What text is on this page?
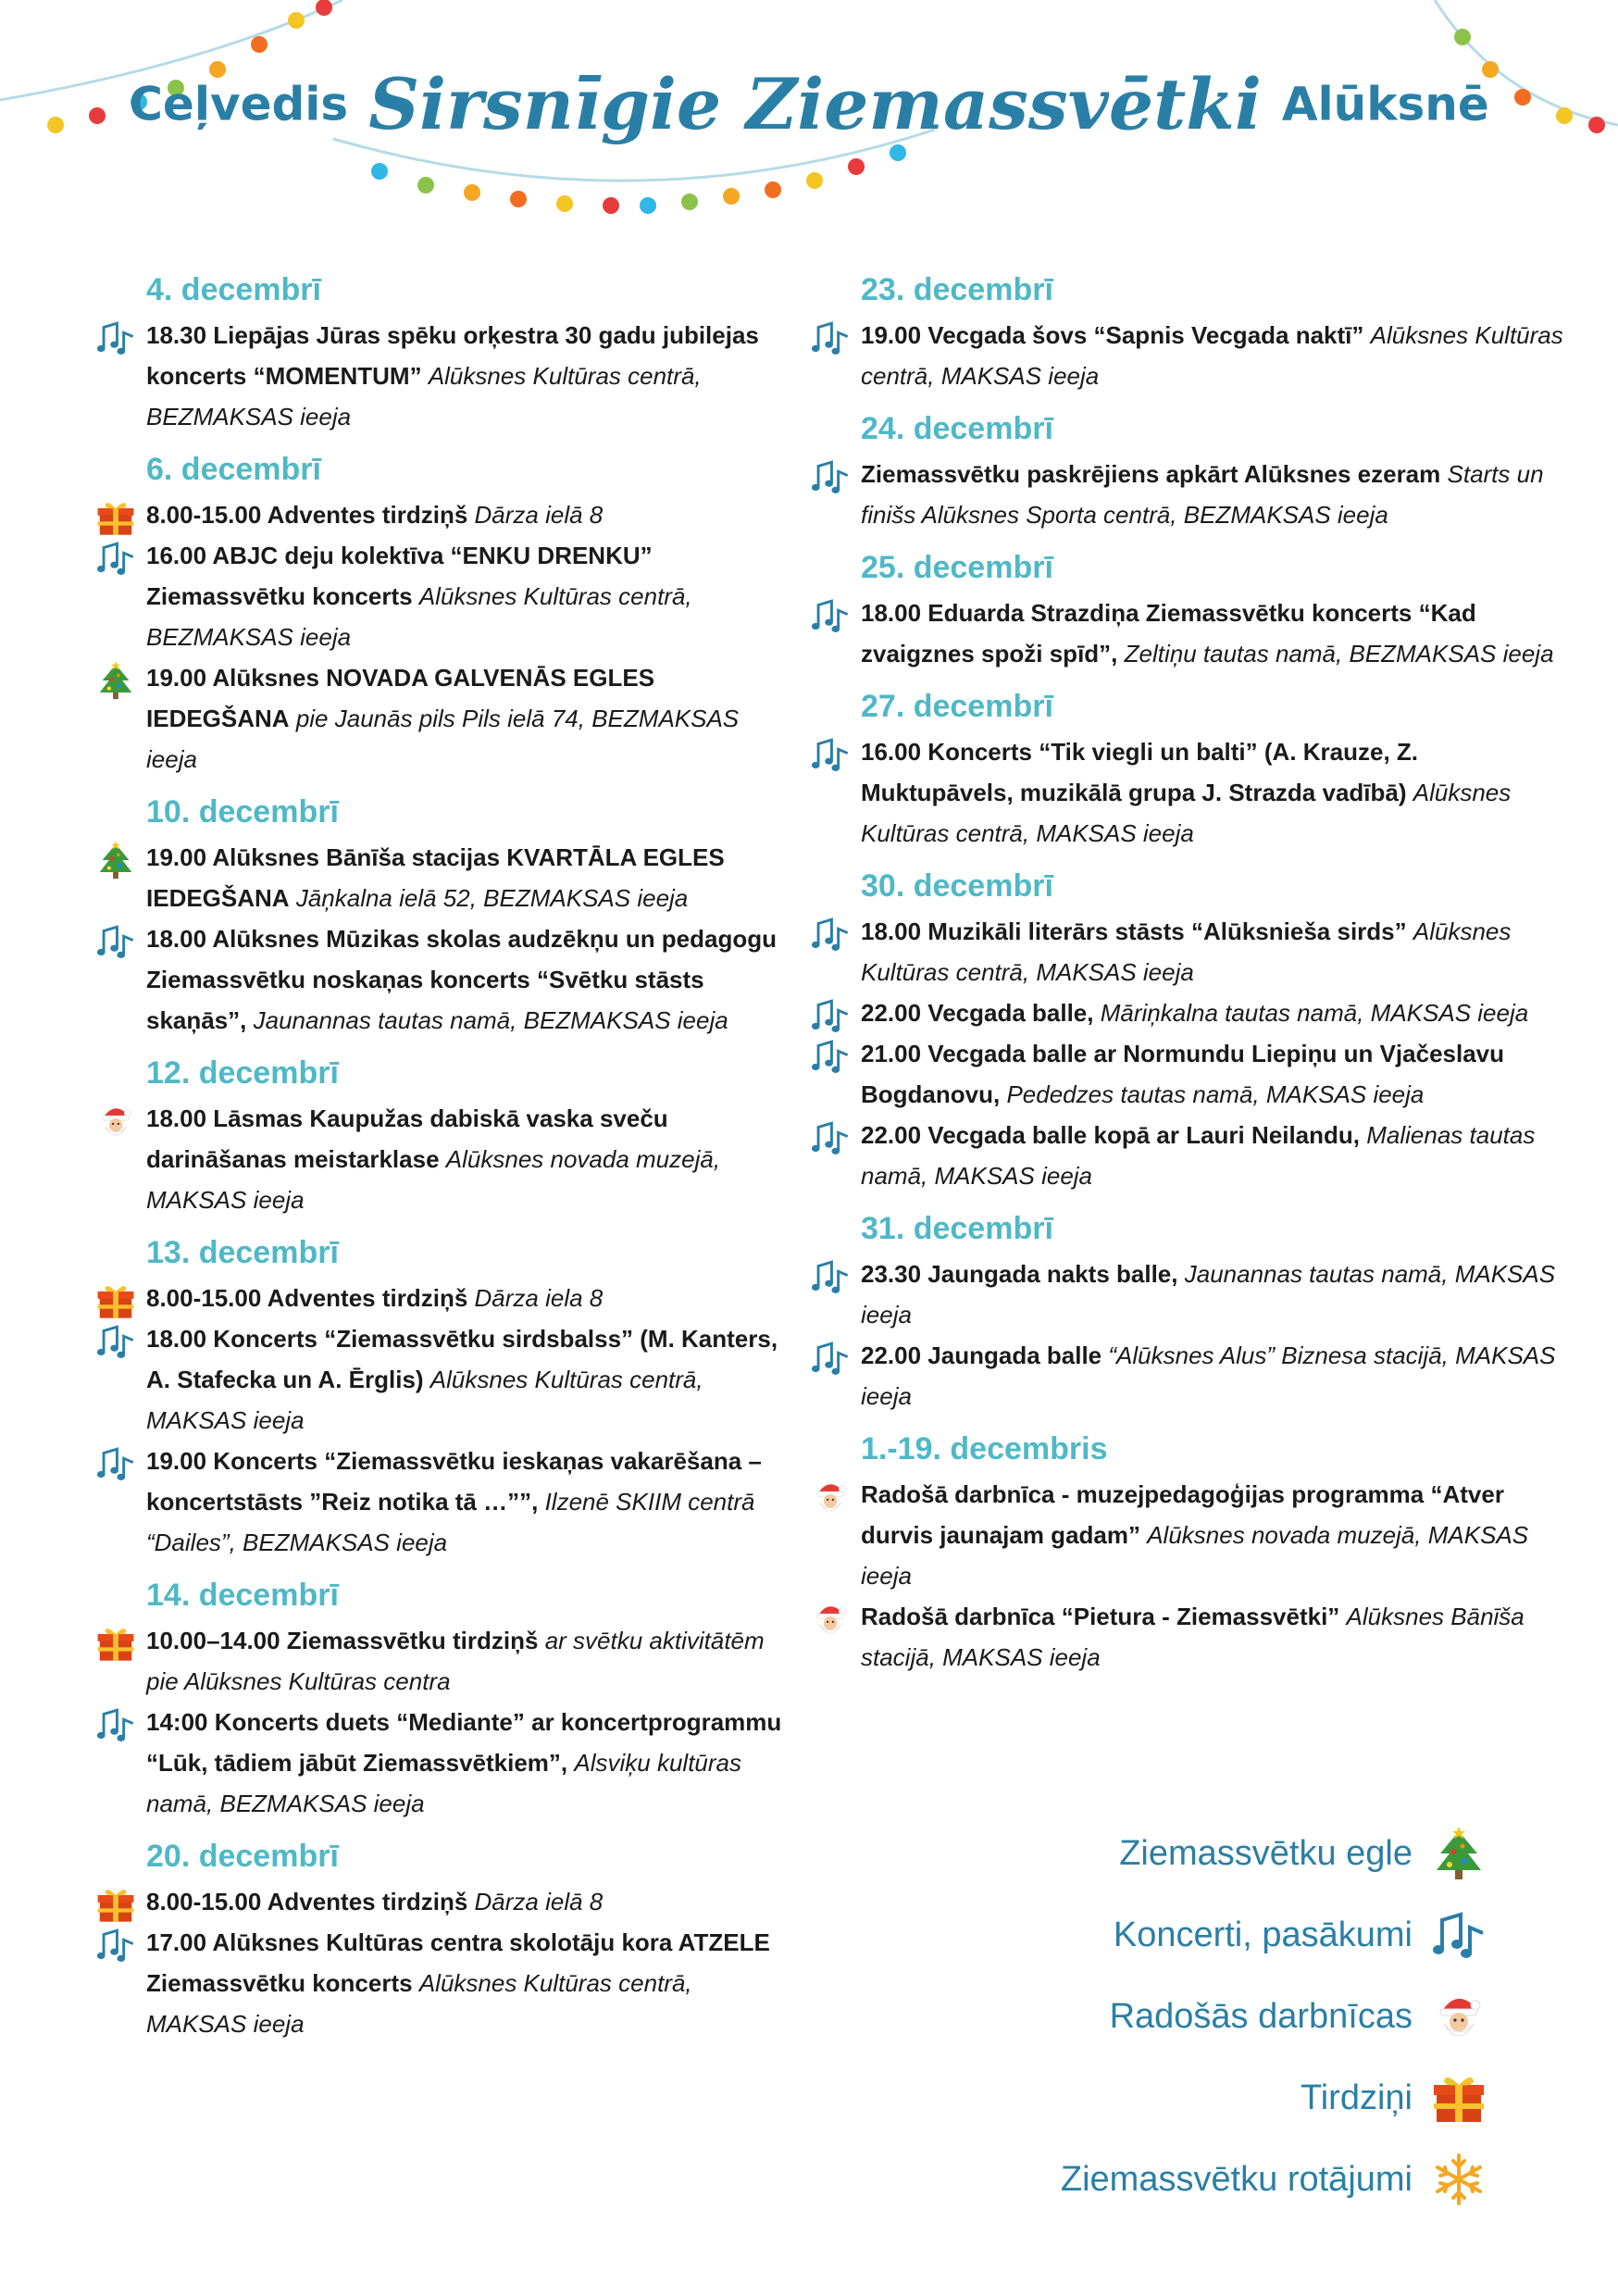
Ceļvedis Sirsnīgie Ziemassvētki Alūksnē
4. decembrī
18.30 Liepājas Jūras spēku orķestra 30 gadu jubilejas koncerts “MOMENTUM” Alūksnes Kultūras centrā, BEZMAKSAS ieeja
6. decembrī
8.00-15.00 Adventes tirdziņš Dārza ielā 8
16.00 ABJC deju kolektīva “ENKU DRENKU” Ziemassvētku koncerts Alūksnes Kultūras centrā, BEZMAKSAS ieeja
19.00 Alūksnes NOVADA GALVENĀS EGLES IEDEGŠANA pie Jaunās pils Pils ielā 74, BEZMAKSAS ieeja
10. decembrī
19.00 Alūksnes Bānīša stacijas KVARTĀLA EGLES IEDEGŠANA Jāņkalna ielā 52, BEZMAKSAS ieeja
18.00 Alūksnes Mūzikas skolas audzēkņu un pedagogu Ziemassvētku noskaņas koncerts “Svētku stāsts skaņās”, Jaunannas tautas namā, BEZMAKSAS ieeja
12. decembrī
18.00 Lāsmas Kaupužas dabiskā vaska sveču darināšanas meistarklase Alūksnes novada muzejā, MAKSAS ieeja
13. decembrī
8.00-15.00 Adventes tirdziņš Dārza iela 8
18.00 Koncerts “Ziemassvētku sirdsbalss” (M. Kanters, A. Stafecka un A. Ērglis) Alūksnes Kultūras centrā, MAKSAS ieeja
19.00 Koncerts “Ziemassvētku ieskaņas vakarēšana – koncertstāsts ”Reiz notika tā …””, Ilzenē SKIIM centrā “Dailes”, BEZMAKSAS ieeja
14. decembrī
10.00–14.00 Ziemassvētku tirdziņš ar svētku aktivitātēm pie Alūksnes Kultūras centra
14:00 Koncerts duets “Mediante” ar koncertprogrammu “Lūk, tādiem jābūt Ziemassvētkiem”, Alsviķu kultūras namā, BEZMAKSAS ieeja
20. decembrī
8.00-15.00 Adventes tirdziņš Dārza ielā 8
17.00 Alūksnes Kultūras centra skolotāju kora ATZELE Ziemassvētku koncerts Alūksnes Kultūras centrā, MAKSAS ieeja
23. decembrī
19.00 Vecgada šovs “Sapnis Vecgada naktī” Alūksnes Kultūras centrā, MAKSAS ieeja
24. decembrī
Ziemassvētku paskrējiens apkārt Alūksnes ezeram Starts un finišs Alūksnes Sporta centrā, BEZMAKSAS ieeja
25. decembrī
18.00 Eduarda Strazdiņa Ziemassvētku koncerts “Kad zvaigznes spoži spīd”, Zeltiņu tautas namā, BEZMAKSAS ieeja
27. decembrī
16.00 Koncerts “Tik viegli un balti” (A. Krauze, Z. Muktupāvels, muzikālā grupa J. Strazda vadībā) Alūksnes Kultūras centrā, MAKSAS ieeja
30. decembrī
18.00 Muzikāli literārs stāsts “Alūksnieša sirds” Alūksnes Kultūras centrā, MAKSAS ieeja
22.00 Vecgada balle, Māriņkalna tautas namā, MAKSAS ieeja
21.00 Vecgada balle ar Normundu Liepiņu un Vjačeslavu Bogdanovu, Pededzes tautas namā, MAKSAS ieeja
22.00 Vecgada balle kopā ar Lauri Neilandu, Malienas tautas namā, MAKSAS ieeja
31. decembrī
23.30 Jaungada nakts balle, Jaunannas tautas namā, MAKSAS ieeja
22.00 Jaungada balle “Alūksnes Alus” Biznesa stacijā, MAKSAS ieeja
1.-19. decembris
Radošā darbnīca - muzejpedagoģijas programma “Atver durvis jaunajam gadam” Alūksnes novada muzejā, MAKSAS ieeja
Radošā darbnīca “Pietura - Ziemassvētki” Alūksnes Bānīša stacijā, MAKSAS ieeja
Ziemassvētku egle
Koncerti, pasākumi
Radošās darbnīcas
Tirdziņi
Ziemassvētku rotājumi
